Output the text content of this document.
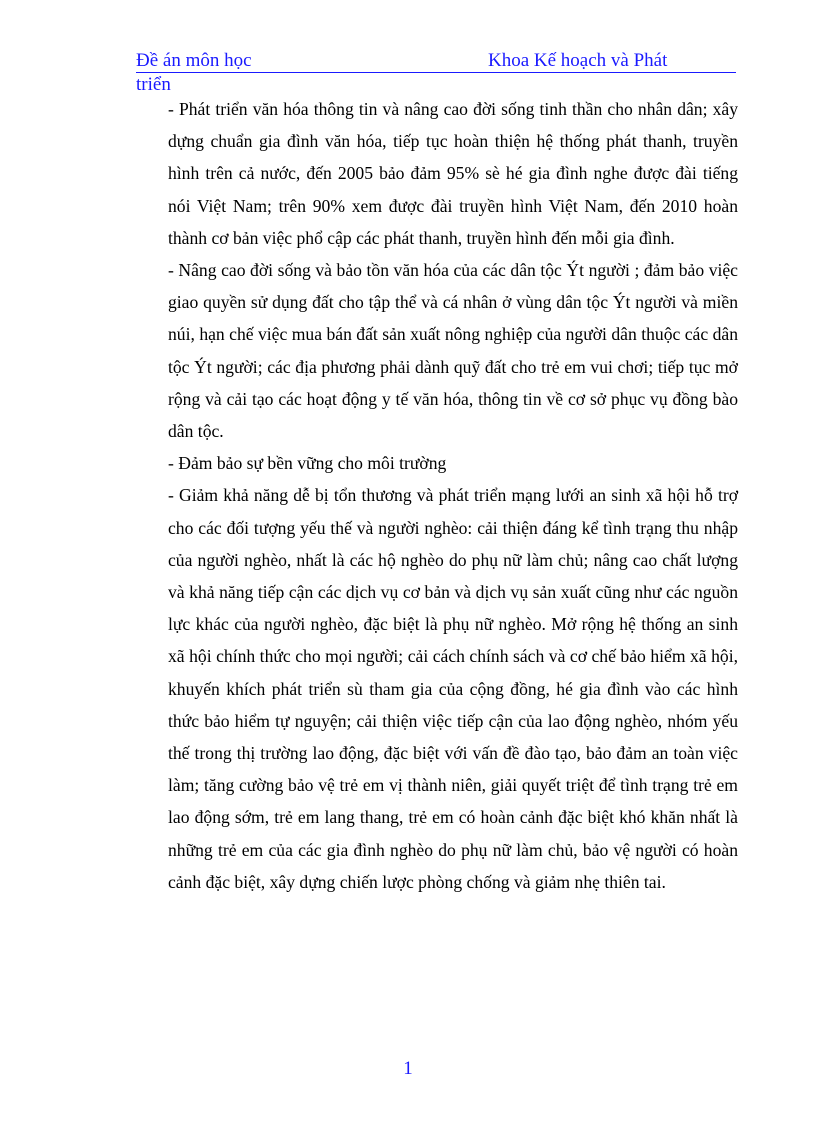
Đề án môn học	Khoa Kế hoạch và Phát
triển

- Phát triển văn hóa thông tin và nâng cao đời sống tinh thần cho nhân dân; xây dựng chuẩn gia đình văn hóa, tiếp tục hoàn thiện hệ thống phát thanh, truyền hình trên cả nước, đến 2005 bảo đảm 95% sè hé gia đình nghe được đài tiếng nói Việt Nam; trên 90% xem được đài truyền hình Việt Nam, đến 2010 hoàn thành cơ bản việc phổ cập các phát thanh, truyền hình đến mỗi gia đình.

- Nâng cao đời sống và bảo tồn văn hóa của các dân tộc Ýt người ; đảm bảo việc giao quyền sử dụng đất cho tập thể và cá nhân ở vùng dân tộc Ýt người và miền núi, hạn chế việc mua bán đất sản xuất nông nghiệp của người dân thuộc các dân tộc Ýt người; các địa phương phải dành quỹ đất cho trẻ em vui chơi; tiếp tục mở rộng và cải tạo các hoạt động y tế văn hóa, thông tin về cơ sở phục vụ đồng bào dân tộc.

- Đảm bảo sự bền vững cho môi trường

- Giảm khả năng dễ bị tổn thương và phát triển mạng lưới an sinh xã hội hỗ trợ cho các đối tượng yếu thế và người nghèo: cải thiện đáng kể tình trạng thu nhập của người nghèo, nhất là các hộ nghèo do phụ nữ làm chủ; nâng cao chất lượng và khả năng tiếp cận các dịch vụ cơ bản và dịch vụ sản xuất cũng như các nguồn lực khác của người nghèo, đặc biệt là phụ nữ nghèo. Mở rộng hệ thống an sinh xã hội chính thức cho mọi người; cải cách chính sách và cơ chế bảo hiểm xã hội, khuyến khích phát triển sù tham gia của cộng đồng, hé gia đình vào các hình thức bảo hiểm tự nguyện; cải thiện việc tiếp cận của lao động nghèo, nhóm yếu thế trong thị trường lao động, đặc biệt với vấn đề đào tạo, bảo đảm an toàn việc làm; tăng cường bảo vệ trẻ em vị thành niên, giải quyết triệt để tình trạng trẻ em lao động sớm, trẻ em lang thang, trẻ em có hoàn cảnh đặc biệt khó khăn nhất là những trẻ em của các gia đình nghèo do phụ nữ làm chủ, bảo vệ người có hoàn cảnh đặc biệt, xây dựng chiến lược phòng chống và giảm nhẹ thiên tai.

1
